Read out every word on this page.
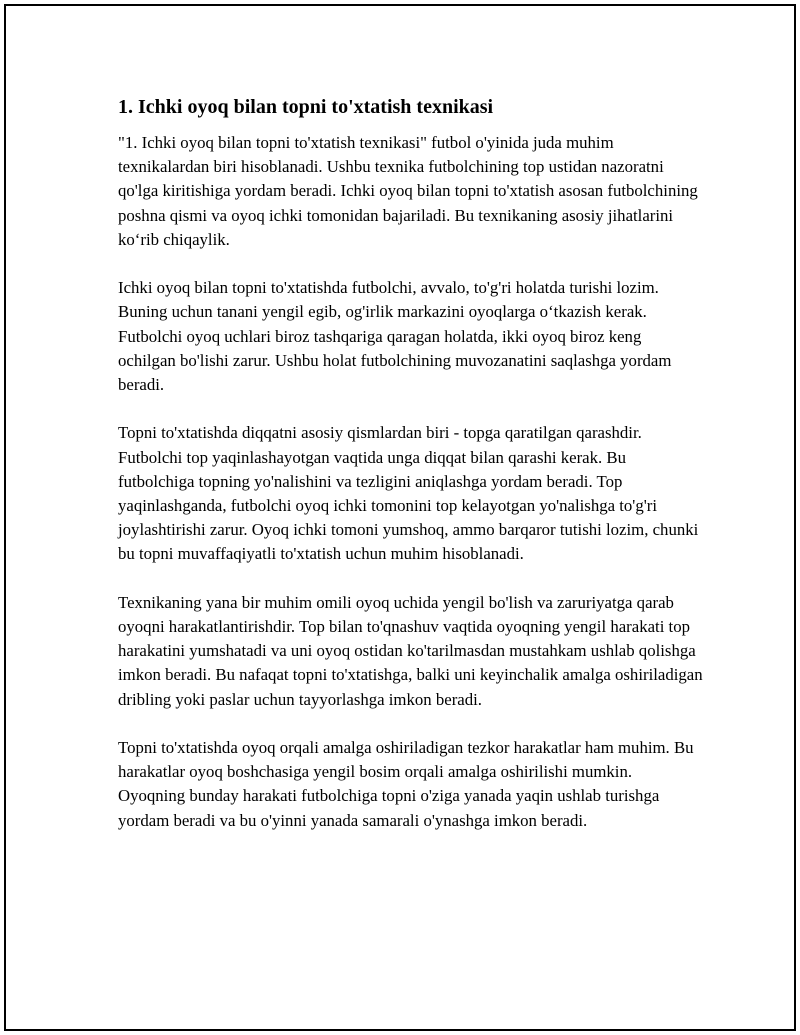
1. Ichki oyoq bilan topni to'xtatish texnikasi

"1. Ichki oyoq bilan topni to'xtatish texnikasi" futbol o'yinida juda muhim texnikalardan biri hisoblanadi. Ushbu texnika futbolchining top ustidan nazoratni qo'lga kiritishiga yordam beradi. Ichki oyoq bilan topni to'xtatish asosan futbolchining poshna qismi va oyoq ichki tomonidan bajariladi. Bu texnikaning asosiy jihatlarini koʻrib chiqaylik.

Ichki oyoq bilan topni to'xtatishda futbolchi, avvalo, to'g'ri holatda turishi lozim. Buning uchun tanani yengil egib, og'irlik markazini oyoqlarga oʻtkazish kerak. Futbolchi oyoq uchlari biroz tashqariga qaragan holatda, ikki oyoq biroz keng ochilgan bo'lishi zarur. Ushbu holat futbolchining muvozanatini saqlashga yordam beradi.

Topni to'xtatishda diqqatni asosiy qismlardan biri - topga qaratilgan qarashdir. Futbolchi top yaqinlashayotgan vaqtida unga diqqat bilan qarashi kerak. Bu futbolchiga topning yo'nalishini va tezligini aniqlashga yordam beradi. Top yaqinlashganda, futbolchi oyoq ichki tomonini top kelayotgan yo'nalishga to'g'ri joylashtirishi zarur. Oyoq ichki tomoni yumshoq, ammo barqaror tutishi lozim, chunki bu topni muvaffaqiyatli to'xtatish uchun muhim hisoblanadi.

Texnikaning yana bir muhim omili oyoq uchida yengil bo'lish va zaruriyatga qarab oyoqni harakatlantirishdir. Top bilan to'qnashuv vaqtida oyoqning yengil harakati top harakatini yumshatadi va uni oyoq ostidan ko'tarilmasdan mustahkam ushlab qolishga imkon beradi. Bu nafaqat topni to'xtatishga, balki uni keyinchalik amalga oshiriladigan dribling yoki paslar uchun tayyorlashga imkon beradi.

Topni to'xtatishda oyoq orqali amalga oshiriladigan tezkor harakatlar ham muhim. Bu harakatlar oyoq boshchasiga yengil bosim orqali amalga oshirilishi mumkin. Oyoqning bunday harakati futbolchiga topni o'ziga yanada yaqin ushlab turishga yordam beradi va bu o'yinni yanada samarali o'ynashga imkon beradi.
